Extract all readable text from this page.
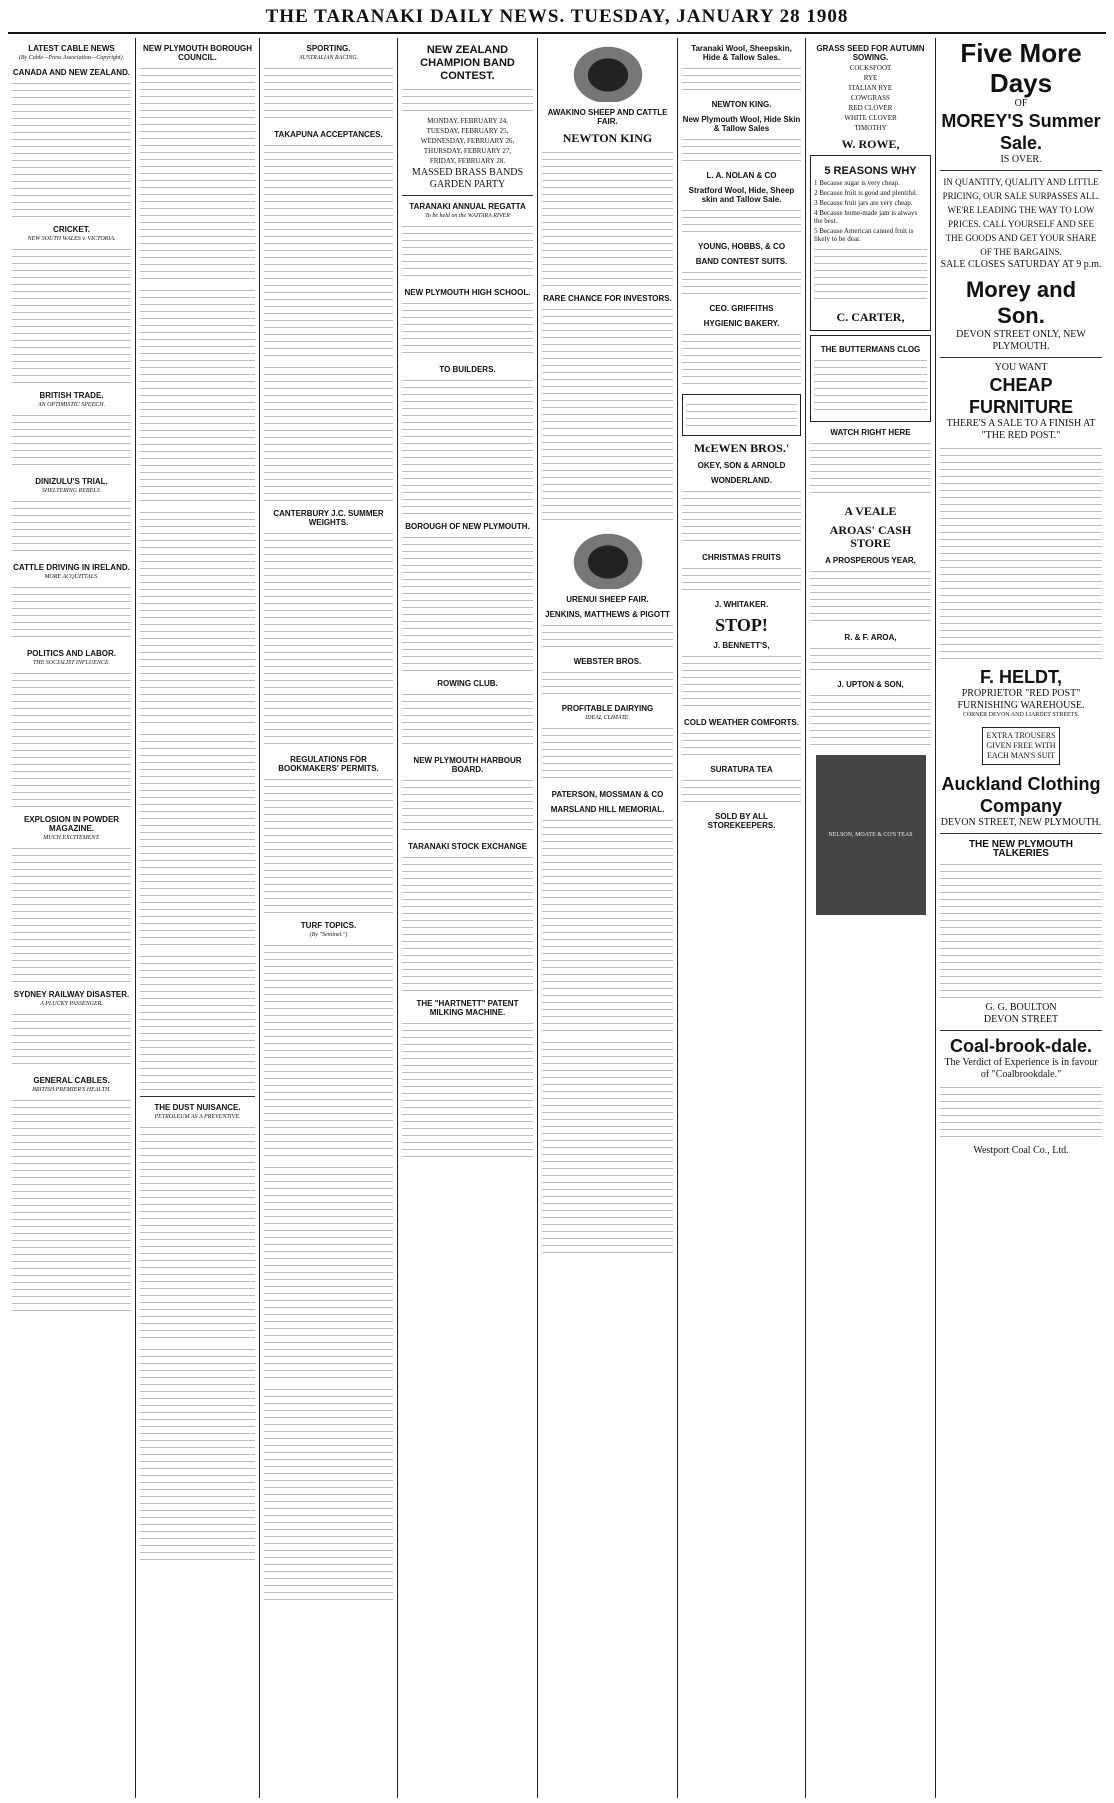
THE TARANAKI DAILY NEWS. TUESDAY, JANUARY 28 1908
LATEST CABLE NEWS
(By Cable—Press Association—Copyright).
CANADA AND NEW ZEALAND.
CRICKET.
NEW SOUTH WALES v. VICTORIA.
BRITISH TRADE.
AN OPTIMISTIC SPEECH.
DINIZULU'S TRIAL.
SHELTERING REBELS.
CATTLE DRIVING IN IRELAND.
MORE ACQUITTALS.
POLITICS AND LABOR.
THE SOCIALIST INFLUENCE.
EXPLOSION IN POWDER MAGAZINE.
MUCH EXCITEMENT.
SYDNEY RAILWAY DISASTER.
A PLUCKY PASSENGER.
GENERAL CABLES.
BRITISH PREMIER'S HEALTH.
NEW PLYMOUTH BOROUGH COUNCIL.
THE DUST NUISANCE.
PETROLEUM AS A PREVENTIVE.
SPORTING.
AUSTRALIAN RACING.
TAKAPUNA ACCEPTANCES.
CANTERBURY J.C. SUMMER WEIGHTS.
REGULATIONS FOR BOOKMAKERS' PERMITS.
TURF TOPICS.
(By "Sentinel.")
NEW ZEALAND CHAMPION BAND CONTEST.
MONDAY, FEBRUARY 24,
TUESDAY, FEBRUARY 25,
WEDNESDAY, FEBRUARY 26,
THURSDAY, FEBRUARY 27,
FRIDAY, FEBRUARY 28.
MASSED BRASS BANDS
GARDEN PARTY
TARANAKI ANNUAL REGATTA
To be held on the WAITARA RIVER
NEW PLYMOUTH HIGH SCHOOL.
TO BUILDERS.
BOROUGH OF NEW PLYMOUTH.
ROWING CLUB.
NEW PLYMOUTH HARBOUR BOARD.
TARANAKI STOCK EXCHANGE
THE "HARTNETT" PATENT MILKING MACHINE.
AWAKINO SHEEP AND CATTLE FAIR.
NEWTON KING
RARE CHANCE FOR INVESTORS.
URENUI SHEEP FAIR.
JENKINS, MATTHEWS & PIGOTT
WEBSTER BROS.
PROFITABLE DAIRYING
IDEAL CLIMATE.
PATERSON, MOSSMAN & CO
MARSLAND HILL MEMORIAL.
Taranaki Wool, Sheepskin, Hide & Tallow Sales.
NEWTON KING.
New Plymouth Wool, Hide Skin & Tallow Sales
L. A. NOLAN & CO
Stratford Wool, Hide, Sheep skin and Tallow Sale.
YOUNG, HOBBS, & CO
BAND CONTEST SUITS.
CEO. GRIFFITHS
HYGIENIC BAKERY.
McEWEN BROS.'
OKEY, SON & ARNOLD
WONDERLAND.
CHRISTMAS FRUITS
J. WHITAKER.
STOP!
J. BENNETT'S,
COLD WEATHER COMFORTS.
SURATURA TEA
SOLD BY ALL STOREKEEPERS.
GRASS SEED FOR AUTUMN SOWING.
COCKSFOOT
RYE
ITALIAN RYE
COWGRASS
RED CLOVER
WHITE CLOVER
TIMOTHY
W. ROWE,
5 REASONS WHY
1 Because sugar is very cheap.
2 Because fruit is good and plentiful.
3 Because fruit jars are very cheap.
4 Because home-made jam is always the best.
5 Because American canned fruit is likely to be dear.
C. CARTER,
THE BUTTERMANS CLOG
WATCH RIGHT HERE
A VEALE
AROAS' CASH STORE
A PROSPEROUS YEAR,
R. & F. AROA,
J. UPTON & SON,
NELSON, MOATE & CO'S TEAS
Five More Days
OF
MOREY'S Summer Sale.
IS OVER.
IN QUANTITY, QUALITY AND LITTLE PRICING, OUR SALE SURPASSES ALL. WE'RE LEADING THE WAY TO LOW PRICES. CALL YOURSELF AND SEE THE GOODS AND GET YOUR SHARE OF THE BARGAINS.
SALE CLOSES SATURDAY AT 9 p.m.
Morey and Son.
DEVON STREET ONLY, NEW PLYMOUTH.
YOU WANT
CHEAP FURNITURE
THERE'S A SALE TO A FINISH AT "THE RED POST."
F. HELDT,
PROPRIETOR "RED POST" FURNISHING WAREHOUSE.
CORNER DEVON AND LIARDET STREETS.
EXTRA TROUSERS GIVEN FREE WITH EACH MAN'S SUIT
Auckland Clothing Company
DEVON STREET, NEW PLYMOUTH.
THE NEW PLYMOUTH TALKERIES
G. G. BOULTON
DEVON STREET
Coal-brook-dale.
The Verdict of Experience is in favour of "Coalbrookdale."
Westport Coal Co., Ltd.
